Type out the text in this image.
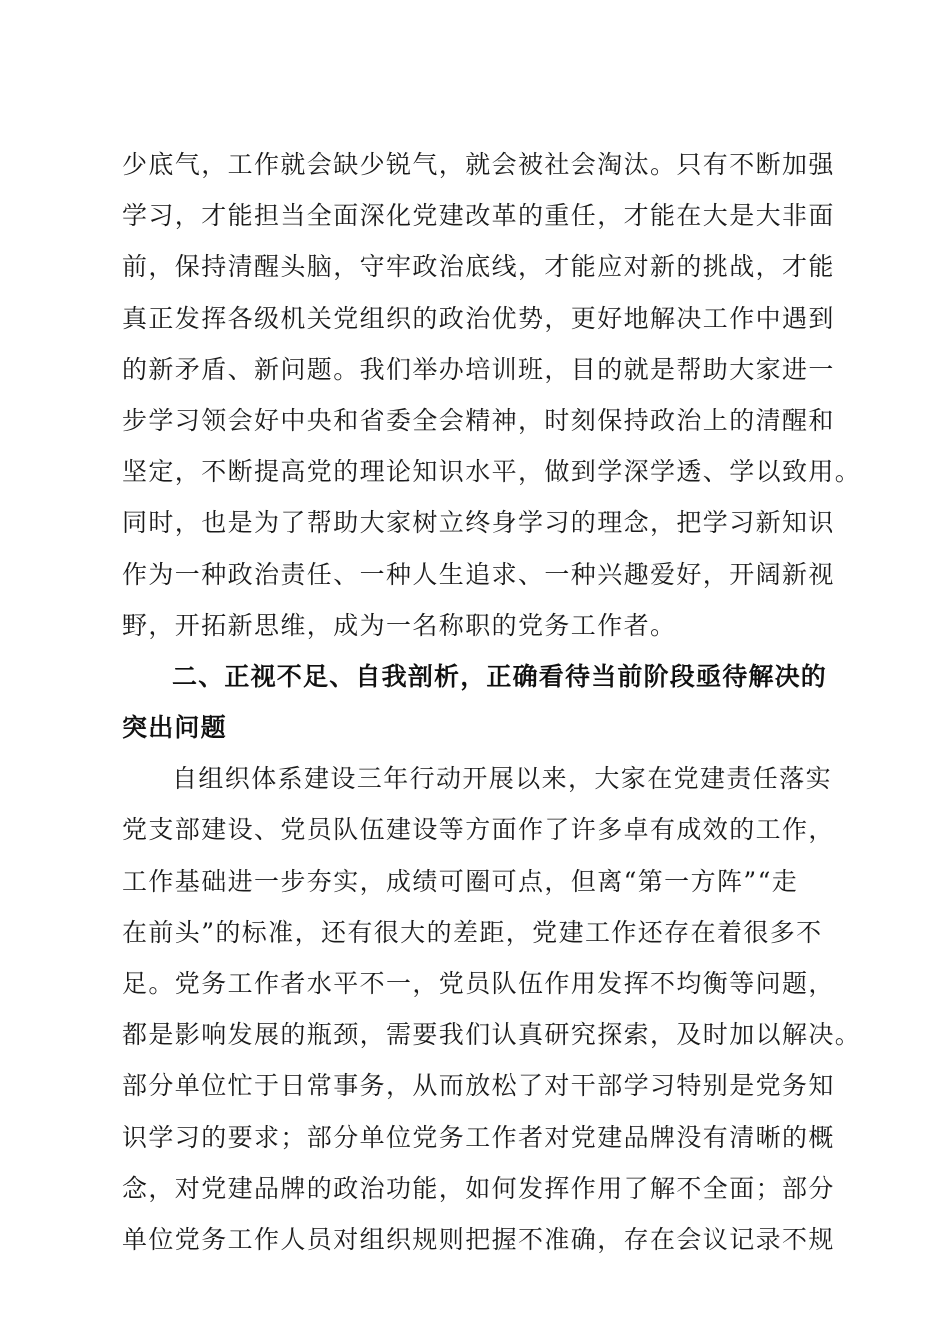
少底气，工作就会缺少锐气，就会被社会淘汰。只有不断加强
学习，才能担当全面深化党建改革的重任，才能在大是大非面
前，保持清醒头脑，守牢政治底线，才能应对新的挑战，才能
真正发挥各级机关党组织的政治优势，更好地解决工作中遇到
的新矛盾、新问题。我们举办培训班，目的就是帮助大家进一
步学习领会好中央和省委全会精神，时刻保持政治上的清醒和
坚定，不断提高党的理论知识水平，做到学深学透、学以致用。
同时，也是为了帮助大家树立终身学习的理念，把学习新知识
作为一种政治责任、一种人生追求、一种兴趣爱好，开阔新视
野，开拓新思维，成为一名称职的党务工作者。
二、正视不足、自我剖析，正确看待当前阶段亟待解决的
突出问题
自组织体系建设三年行动开展以来，大家在党建责任落实
党支部建设、党员队伍建设等方面作了许多卓有成效的工作，
工作基础进一步夯实，成绩可圈可点，但离“第一方阵”“走
在前头”的标准，还有很大的差距，党建工作还存在着很多不
足。党务工作者水平不一，党员队伍作用发挥不均衡等问题，
都是影响发展的瓶颈，需要我们认真研究探索，及时加以解决。
部分单位忙于日常事务，从而放松了对干部学习特别是党务知
识学习的要求；部分单位党务工作者对党建品牌没有清晰的概
念，对党建品牌的政治功能，如何发挥作用了解不全面；部分
单位党务工作人员对组织规则把握不准确，存在会议记录不规
